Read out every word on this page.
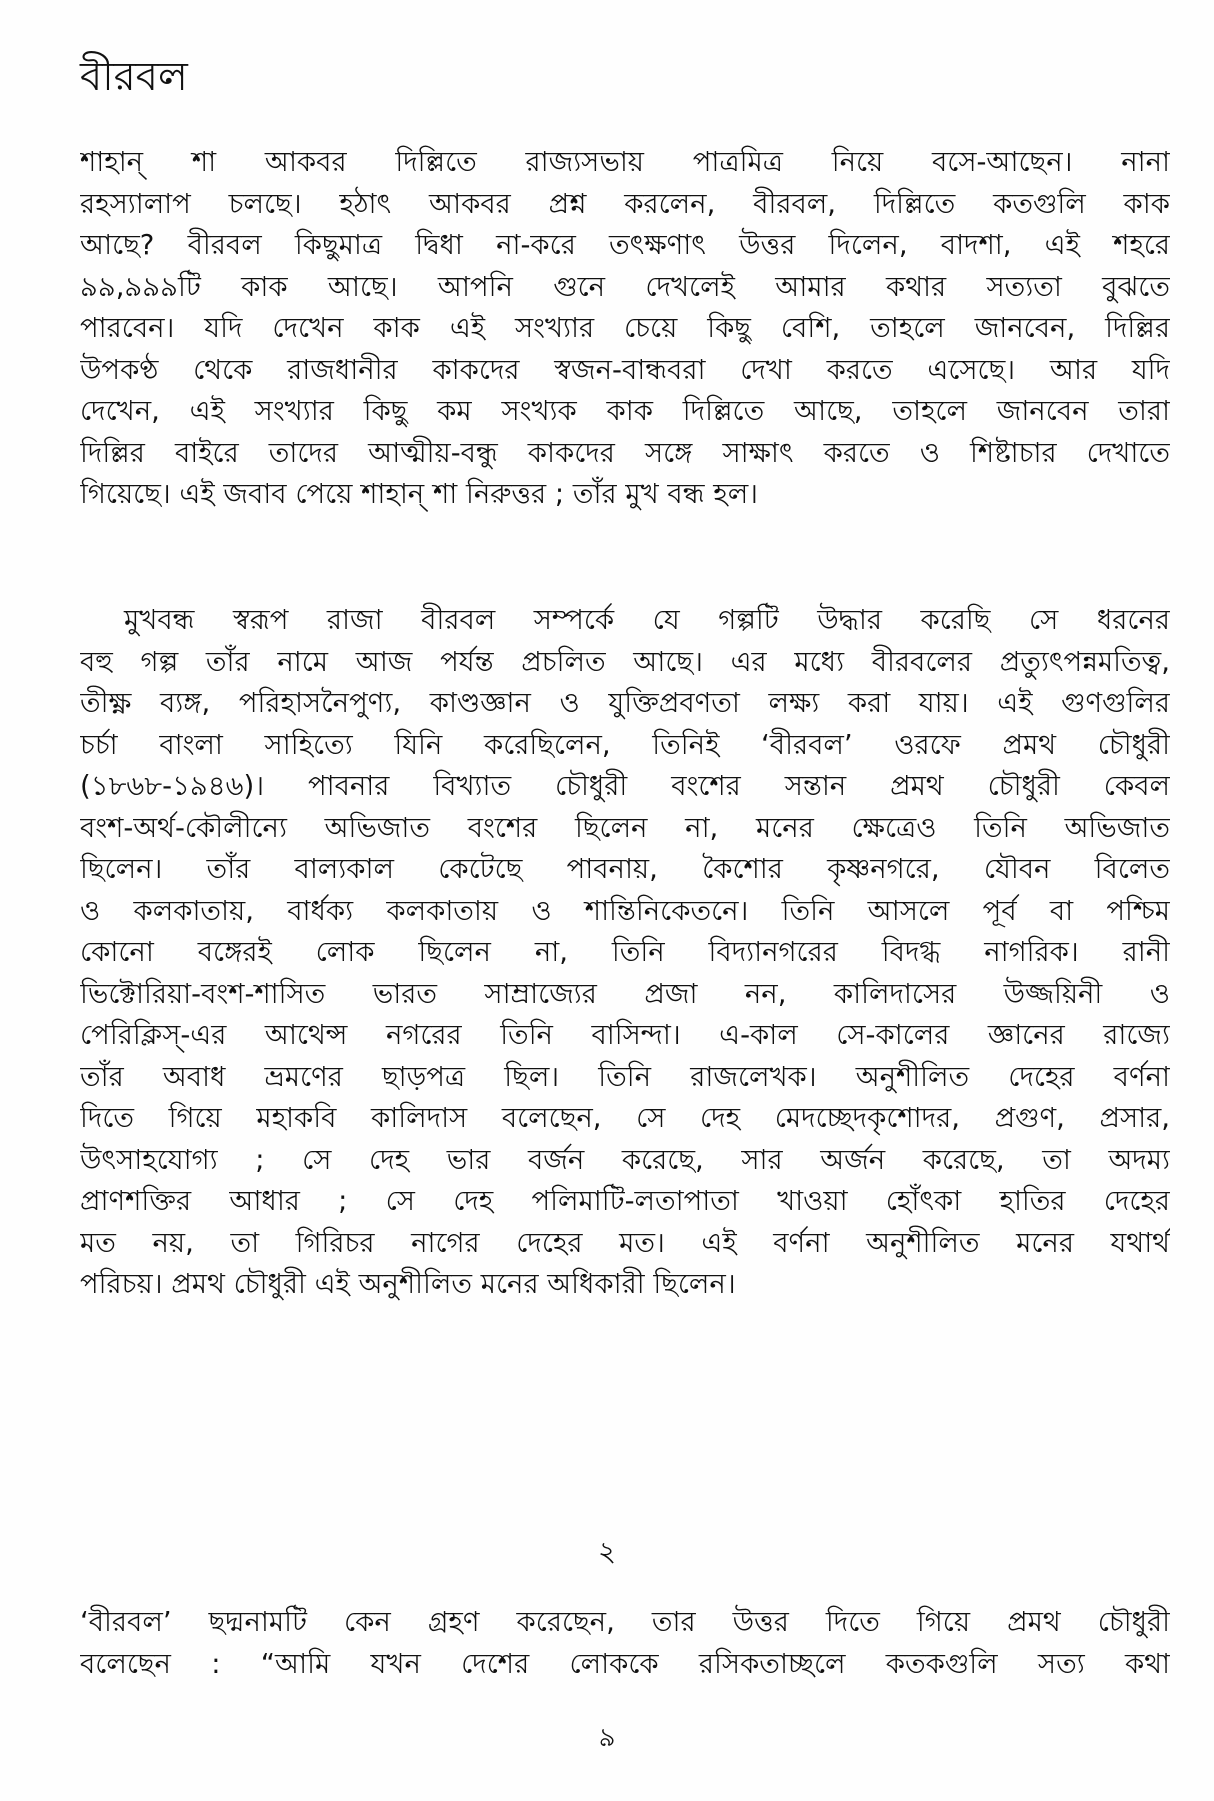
বীরবল
শাহান্‌ শা আকবর দিল্লিতে রাজ্যসভায় পাত্রমিত্র নিয়ে বসে-আছেন। নানা
রহস্যালাপ চলছে। হঠাৎ আকবর প্রশ্ন করলেন, বীরবল, দিল্লিতে কতগুলি কাক
আছে? বীরবল কিছুমাত্র দ্বিধা না-করে তৎক্ষণাৎ উত্তর দিলেন, বাদশা, এই শহরে
৯৯,৯৯৯টি কাক আছে। আপনি গুনে দেখলেই আমার কথার সত্যতা বুঝতে
পারবেন। যদি দেখেন কাক এই সংখ্যার চেয়ে কিছু বেশি, তাহলে জানবেন, দিল্লির
উপকণ্ঠ থেকে রাজধানীর কাকদের স্বজন-বান্ধবরা দেখা করতে এসেছে। আর যদি
দেখেন, এই সংখ্যার কিছু কম সংখ্যক কাক দিল্লিতে আছে, তাহলে জানবেন তারা
দিল্লির বাইরে তাদের আত্মীয়-বন্ধু কাকদের সঙ্গে সাক্ষাৎ করতে ও শিষ্টাচার দেখাতে
গিয়েছে। এই জবাব পেয়ে শাহান্‌ শা নিরুত্তর ; তাঁর মুখ বন্ধ হল।
মুখবন্ধ স্বরূপ রাজা বীরবল সম্পর্কে যে গল্পটি উদ্ধার করেছি সে ধরনের
বহু গল্প তাঁর নামে আজ পর্যন্ত প্রচলিত আছে। এর মধ্যে বীরবলের প্রত্যুৎপন্নমতিত্ব,
তীক্ষ্ণ ব্যঙ্গ, পরিহাসনৈপুণ্য, কাণ্ডজ্ঞান ও যুক্তিপ্রবণতা লক্ষ্য করা যায়। এই গুণগুলির
চর্চা বাংলা সাহিত্যে যিনি করেছিলেন, তিনিই ‘বীরবল’ ওরফে প্রমথ চৌধুরী
(১৮৬৮-১৯৪৬)। পাবনার বিখ্যাত চৌধুরী বংশের সন্তান প্রমথ চৌধুরী কেবল
বংশ-অর্থ-কৌলীন্যে অভিজাত বংশের ছিলেন না, মনের ক্ষেত্রেও তিনি অভিজাত
ছিলেন। তাঁর বাল্যকাল কেটেছে পাবনায়, কৈশোর কৃষ্ণনগরে, যৌবন বিলেত
ও কলকাতায়, বার্ধক্য কলকাতায় ও শান্তিনিকেতনে। তিনি আসলে পূর্ব বা পশ্চিম
কোনো বঙ্গেরই লোক ছিলেন না, তিনি বিদ্যানগরের বিদগ্ধ নাগরিক। রানী
ভিক্টোরিয়া-বংশ-শাসিত ভারত সাম্রাজ্যের প্রজা নন, কালিদাসের উজ্জয়িনী ও
পেরিক্লিস্‌-এর আথেন্স নগরের তিনি বাসিন্দা। এ-কাল সে-কালের জ্ঞানের রাজ্যে
তাঁর অবাধ ভ্রমণের ছাড়পত্র ছিল। তিনি রাজলেখক। অনুশীলিত দেহের বর্ণনা
দিতে গিয়ে মহাকবি কালিদাস বলেছেন, সে দেহ মেদচ্ছেদকৃশোদর, প্রগুণ, প্রসার,
উৎসাহযোগ্য ; সে দেহ ভার বর্জন করেছে, সার অর্জন করেছে, তা অদম্য
প্রাণশক্তির আধার ; সে দেহ পলিমাটি-লতাপাতা খাওয়া হোঁৎকা হাতির দেহের
মত নয়, তা গিরিচর নাগের দেহের মত। এই বর্ণনা অনুশীলিত মনের যথার্থ
পরিচয়। প্রমথ চৌধুরী এই অনুশীলিত মনের অধিকারী ছিলেন।
২
‘বীরবল’ ছদ্মনামটি কেন গ্রহণ করেছেন, তার উত্তর দিতে গিয়ে প্রমথ চৌধুরী
বলেছেন : “আমি যখন দেশের লোককে রসিকতাচ্ছলে কতকগুলি সত্য কথা
৯
